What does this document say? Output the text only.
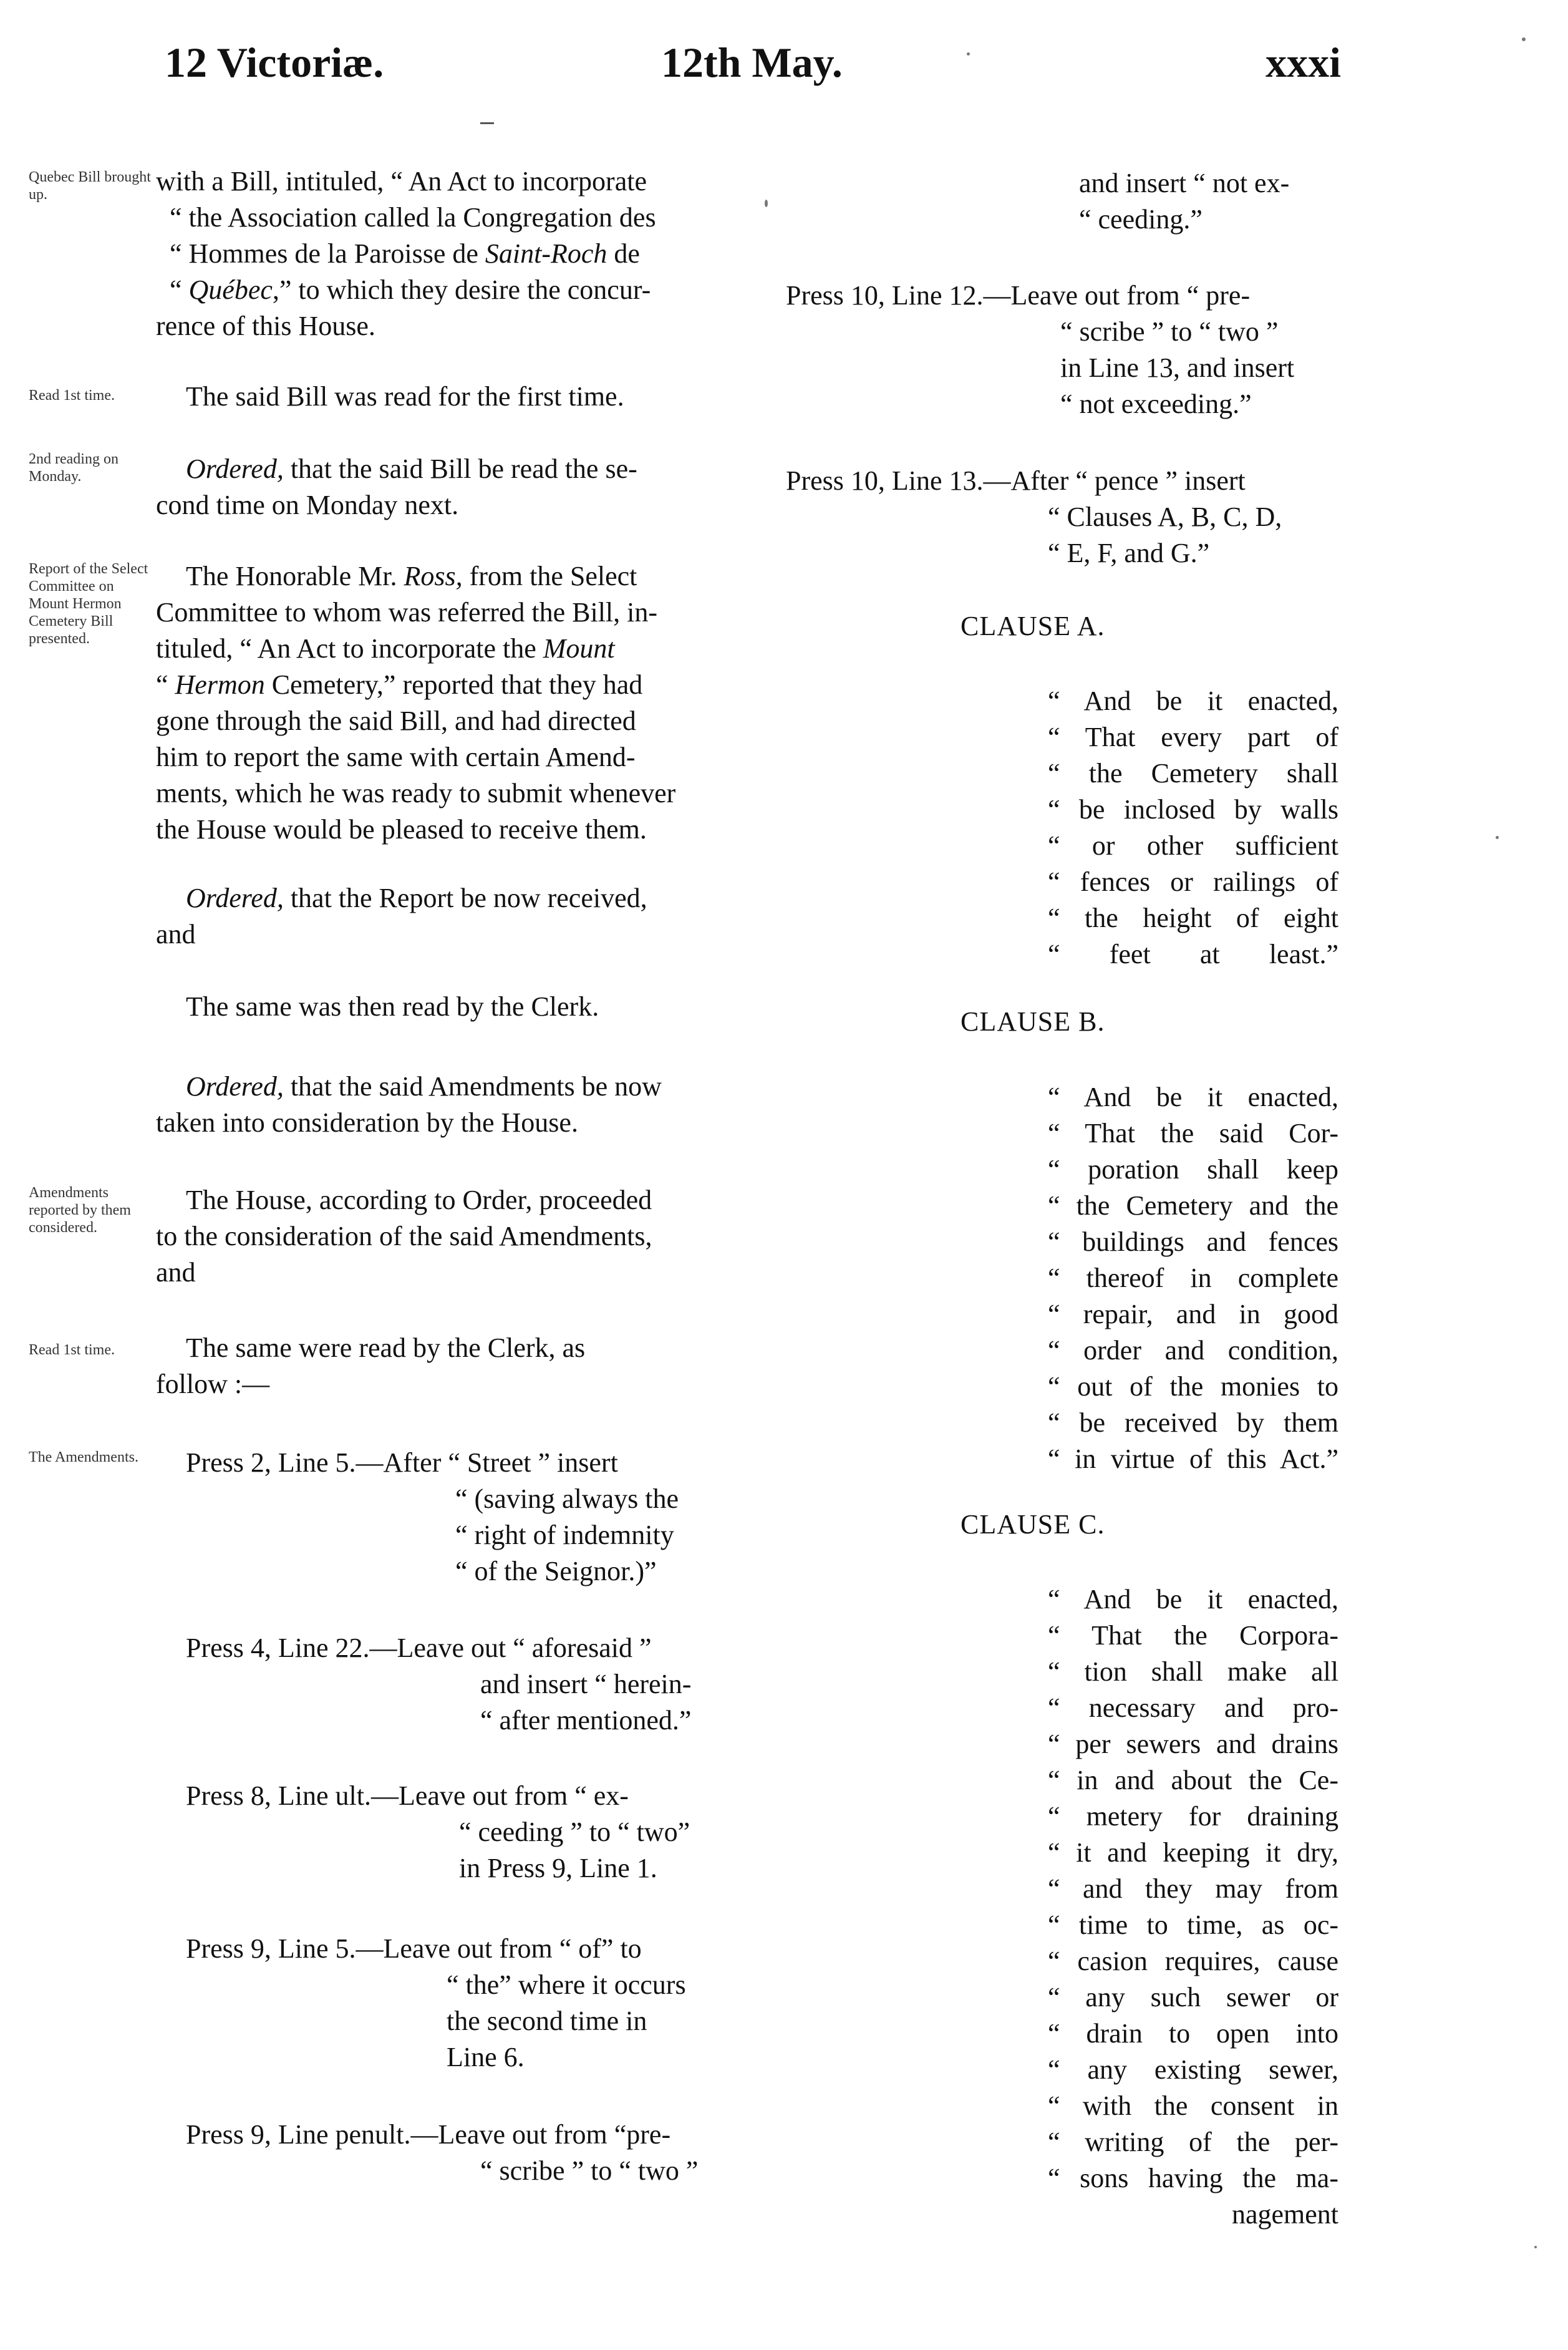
12 Victoriæ.	12th May.	xxxi
Quebec Bill brought up.
Read 1st time.
2nd reading on Monday.
Report of the Select Committee on Mount Hermon Cemetery Bill presented.
Amendments reported by them considered.
Read 1st time.
The Amendments.
with a Bill, intituled, “ An Act to incorporate
“ the Association called la Congregation des
“ Hommes de la Paroisse de Saint-Roch de
“ Québec,” to which they desire the concur-
rence of this House.
The said Bill was read for the first time.
Ordered, that the said Bill be read the se-
cond time on Monday next.
The Honorable Mr. Ross, from the Select
Committee to whom was referred the Bill, in-
tituled, “ An Act to incorporate the Mount
“ Hermon Cemetery,” reported that they had
gone through the said Bill, and had directed
him to report the same with certain Amend-
ments, which he was ready to submit whenever
the House would be pleased to receive them.
Ordered, that the Report be now received,
and
The same was then read by the Clerk.
Ordered, that the said Amendments be now
taken into consideration by the House.
The House, according to Order, proceeded
to the consideration of the said Amendments,
and
The same were read by the Clerk, as
follow :—
Press 2, Line 5.—After “ Street ” insert
“ (saving always the
“ right of indemnity
“ of the Seignor.)”
Press 4, Line 22.—Leave out “ aforesaid ”
and insert “ herein-
“ after mentioned.”
Press 8, Line ult.—Leave out from “ ex-
“ ceeding ” to “ two”
in Press 9, Line 1.
Press 9, Line 5.—Leave out from “ of” to
“ the” where it occurs
the second time in
Line 6.
Press 9, Line penult.—Leave out from “pre-
“ scribe ” to “ two ”
and insert “ not ex-
“ ceeding.”
Press 10, Line 12.—Leave out from “ pre-
“ scribe ” to “ two ”
in Line 13, and insert
“ not exceeding.”
Press 10, Line 13.—After “ pence ” insert
“ Clauses A, B, C, D,
“ E, F, and G.”
CLAUSE A.
“ And be it enacted,
“ That every part of
“ the Cemetery shall
“ be inclosed by walls
“ or other sufficient
“ fences or railings of
“ the height of eight
“ feet at least.”
CLAUSE B.
“ And be it enacted,
“ That the said Cor-
“ poration shall keep
“ the Cemetery and the
“ buildings and fences
“ thereof in complete
“ repair, and in good
“ order and condition,
“ out of the monies to
“ be received by them
“ in virtue of this Act.”
CLAUSE C.
“ And be it enacted,
“ That the Corpora-
“ tion shall make all
“ necessary and pro-
“ per sewers and drains
“ in and about the Ce-
“ metery for draining
“ it and keeping it dry,
“ and they may from
“ time to time, as oc-
“ casion requires, cause
“ any such sewer or
“ drain to open into
“ any existing sewer,
“ with the consent in
“ writing of the per-
“ sons having the ma-
nagement
